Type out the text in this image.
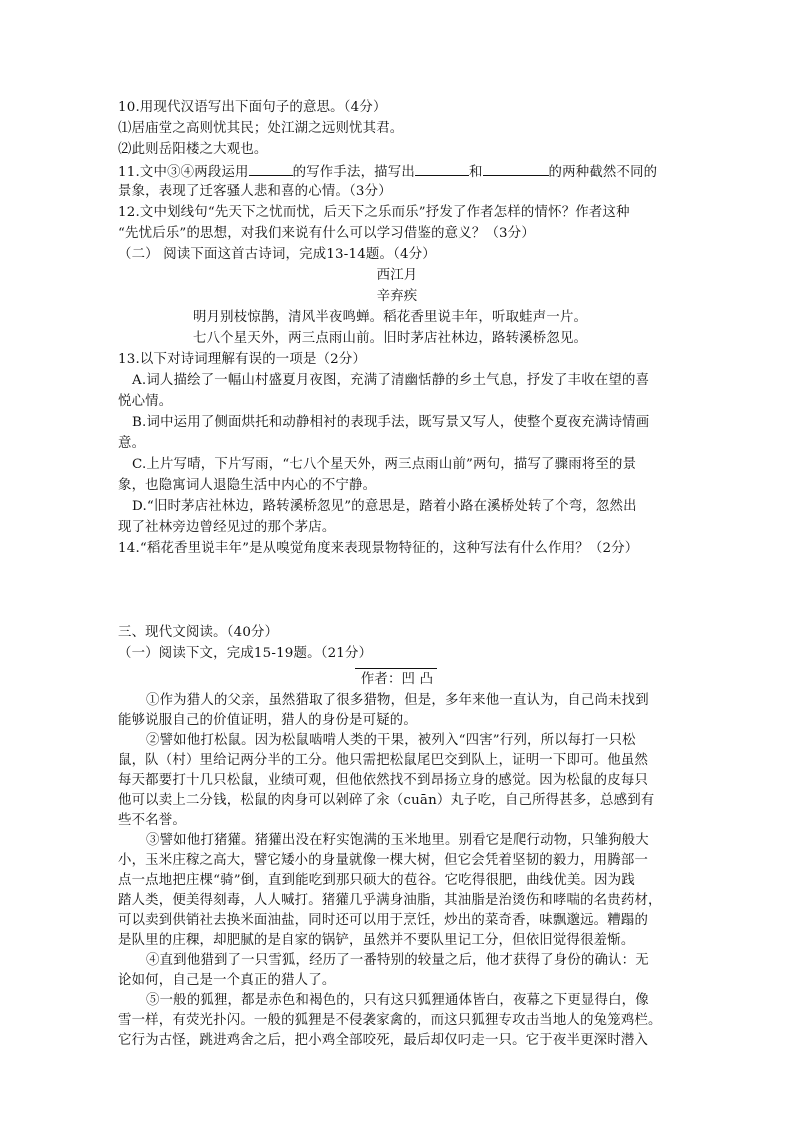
10.用现代汉语写出下面句子的意思。（4分）
⑴居庙堂之高则忧其民；处江湖之远则忧其君。
⑵此则岳阳楼之大观也。
11.文中③④两段运用	的写作手法，描写出	和	的两种截然不同的
景象，表现了迁客骚人悲和喜的心情。（3分）
12.文中划线句“先天下之忧而忧，后天下之乐而乐”抒发了作者怎样的情怀？作者这种
“先忧后乐”的思想，对我们来说有什么可以学习借鉴的意义？（3分）
（二） 阅读下面这首古诗词，完成13-14题。（4分）
西江月
辛弃疾
明月别枝惊鹊，清风半夜鸣蝉。稻花香里说丰年，听取蛙声一片。
七八个星天外，两三点雨山前。旧时茅店社林边，路转溪桥忽见。
13.以下对诗词理解有误的一项是（2分）
A.词人描绘了一幅山村盛夏月夜图，充满了清幽恬静的乡土气息，抒发了丰收在望的喜
悦心情。
B.词中运用了侧面烘托和动静相衬的表现手法，既写景又写人，使整个夏夜充满诗情画
意。
C.上片写晴，下片写雨，“七八个星天外，两三点雨山前”两句，描写了骤雨将至的景
象，也隐寓词人退隐生活中内心的不宁静。
D.“旧时茅店社林边，路转溪桥忽见”的意思是，踏着小路在溪桥处转了个弯，忽然出
现了社林旁边曾经见过的那个茅店。
14.“稻花香里说丰年”是从嗅觉角度来表现景物特征的，这种写法有什么作用？（2分）
三、现代文阅读。（40分）
（一）阅读下文，完成15-19题。（21分）
作者：凹 凸
①作为猎人的父亲，虽然猎取了很多猎物，但是，多年来他一直认为，自己尚未找到
能够说服自己的价值证明，猎人的身份是可疑的。
②譬如他打松鼠。因为松鼠啮啃人类的干果，被列入“四害”行列，所以每打一只松
鼠，队（村）里给记两分半的工分。他只需把松鼠尾巴交到队上，证明一下即可。他虽然
每天都要打十几只松鼠，业绩可观，但他依然找不到昂扬立身的感觉。因为松鼠的皮每只
他可以卖上二分钱，松鼠的肉身可以剁碎了汆（cuān）丸子吃，自己所得甚多，总感到有
些不名誉。
③譬如他打猪獾。猪獾出没在籽实饱满的玉米地里。别看它是爬行动物，只雏狗般大
小，玉米庄稼之高大，譬它矮小的身量就像一棵大树，但它会凭着坚韧的毅力，用腾部一
点一点地把庄棵“骑”倒，直到能吃到那只硕大的苞谷。它吃得很肥，曲线优美。因为践
踏人类，便美得刻毒，人人喊打。猪獾几乎满身油脂，其油脂是治烫伤和哮喘的名贵药材，
可以卖到供销社去换米面油盐，同时还可以用于烹饪，炒出的菜奇香，味飘邈远。糟蹋的
是队里的庄稞，却肥腻的是自家的锅铲，虽然并不要队里记工分，但依旧觉得很羞惭。
④直到他猎到了一只雪狐，经历了一番特别的较量之后，他才获得了身份的确认：无
论如何，自己是一个真正的猎人了。
⑤一般的狐狸，都是赤色和褐色的，只有这只狐狸通体皆白，夜幕之下更显得白，像
雪一样，有荧光扑闪。一般的狐狸是不侵袭家禽的，而这只狐狸专攻击当地人的兔笼鸡栏。
它行为古怪，跳进鸡舍之后，把小鸡全部咬死，最后却仅叼走一只。它于夜半更深时潜入
